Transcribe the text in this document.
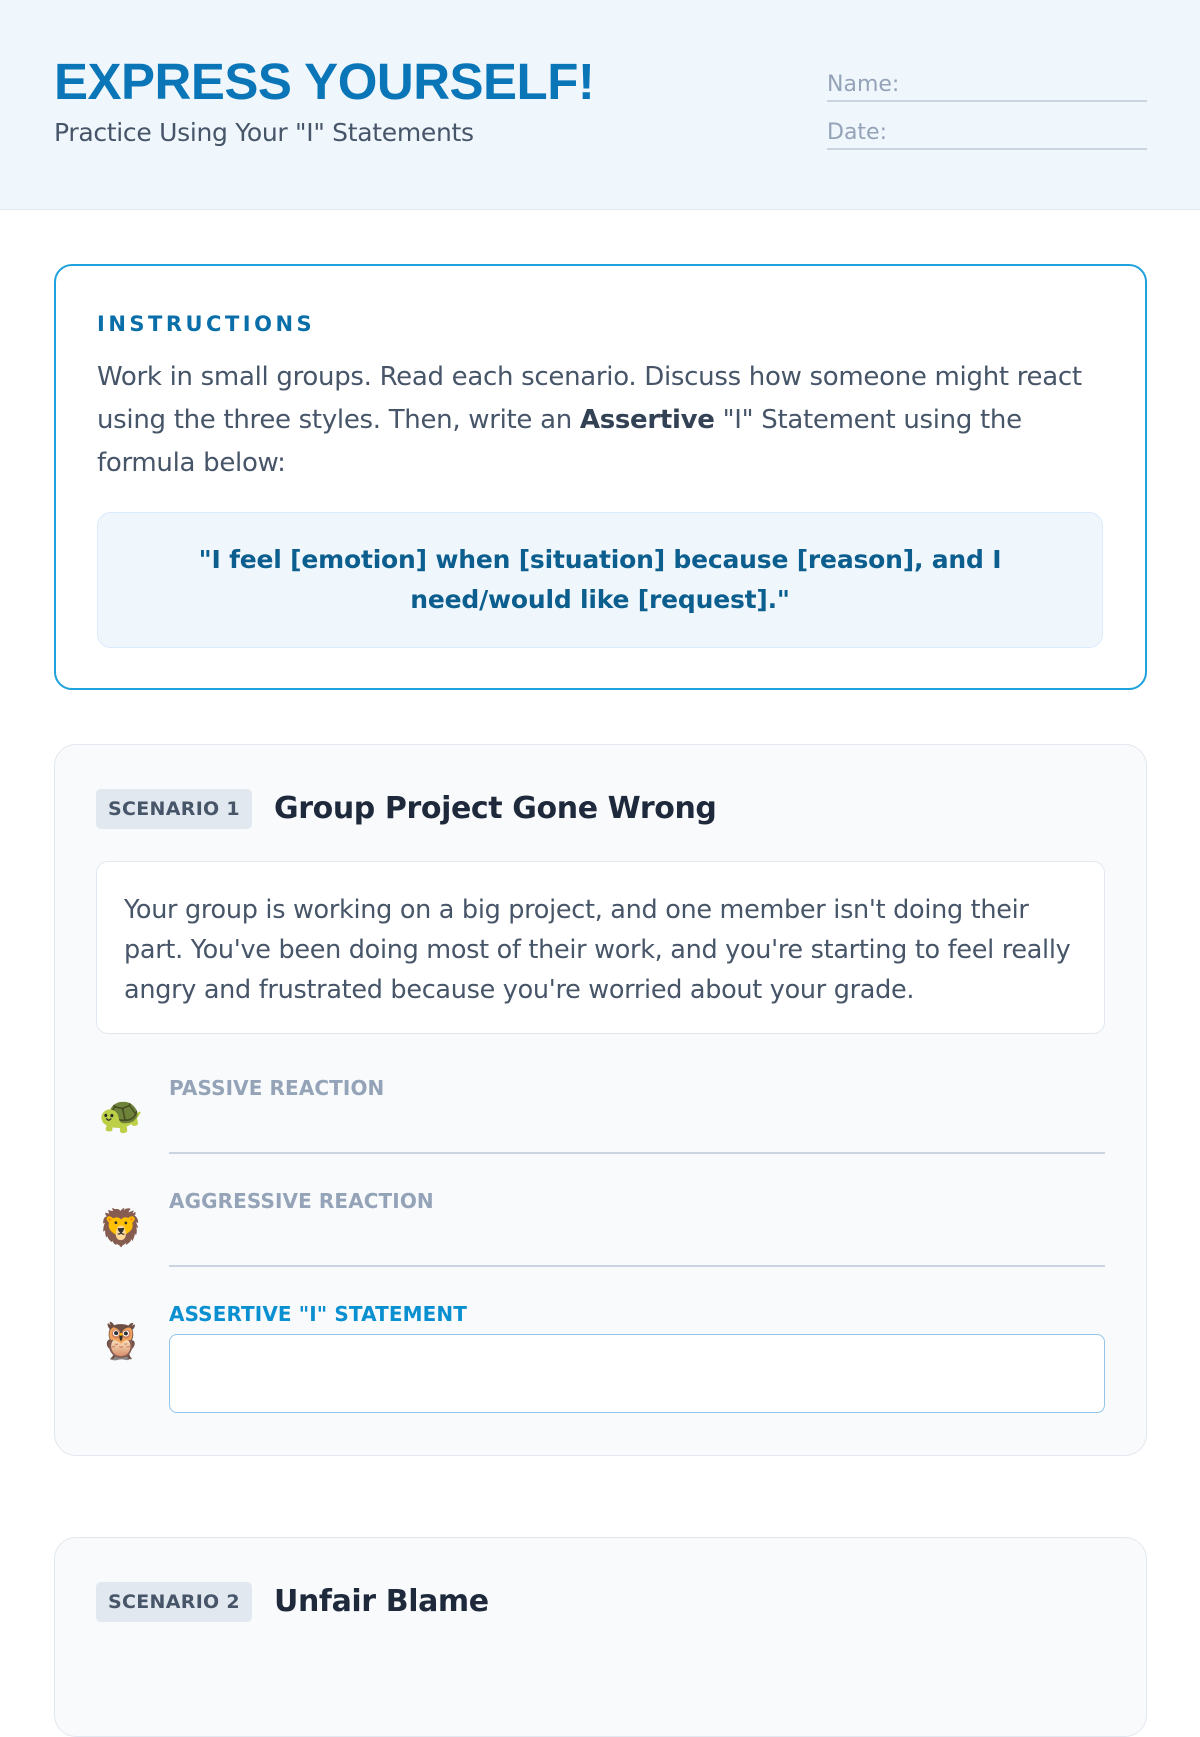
EXPRESS YOURSELF!
Practice Using Your "I" Statements
Name:
Date:
INSTRUCTIONS
Work in small groups. Read each scenario. Discuss how someone might react using the three styles. Then, write an Assertive "I" Statement using the formula below:
"I feel [emotion] when [situation] because [reason], and I need/would like [request]."
SCENARIO 1	Group Project Gone Wrong
Your group is working on a big project, and one member isn't doing their part. You've been doing most of their work, and you're starting to feel really angry and frustrated because you're worried about your grade.
🐢
PASSIVE REACTION
🦁
AGGRESSIVE REACTION
🦉
ASSERTIVE "I" STATEMENT
SCENARIO 2	Unfair Blame
